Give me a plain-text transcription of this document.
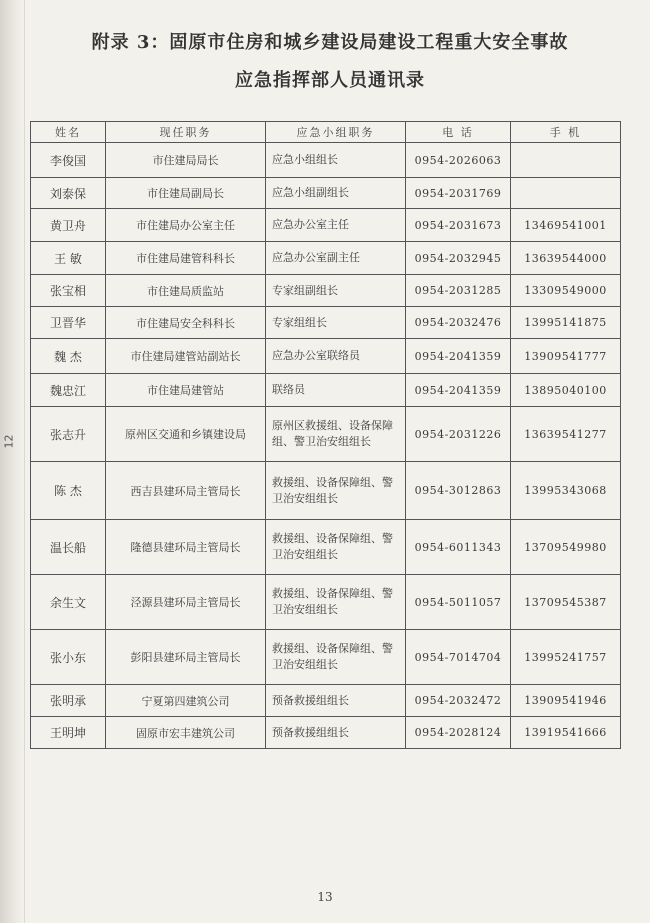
12
附录 3：固原市住房和城乡建设局建设工程重大安全事故
应急指挥部人员通讯录
姓名	现任职务	应急小组职务	电 话	手 机
李俊国	市住建局局长	应急小组组长	0954-2026063	
刘泰保	市住建局副局长	应急小组副组长	0954-2031769	
黄卫舟	市住建局办公室主任	应急办公室主任	0954-2031673	13469541001
王 敏	市住建局建管科科长	应急办公室副主任	0954-2032945	13639544000
张宝相	市住建局质监站	专家组副组长	0954-2031285	13309549000
卫晋华	市住建局安全科科长	专家组组长	0954-2032476	13995141875
魏 杰	市住建局建管站副站长	应急办公室联络员	0954-2041359	13909541777
魏忠江	市住建局建管站	联络员	0954-2041359	13895040100
张志升	原州区交通和乡镇建设局	原州区救援组、设备保障组、警卫治安组组长	0954-2031226	13639541277
陈 杰	西吉县建环局主管局长	救援组、设备保障组、警卫治安组组长	0954-3012863	13995343068
温长船	隆德县建环局主管局长	救援组、设备保障组、警卫治安组组长	0954-6011343	13709549980
余生文	泾源县建环局主管局长	救援组、设备保障组、警卫治安组组长	0954-5011057	13709545387
张小东	彭阳县建环局主管局长	救援组、设备保障组、警卫治安组组长	0954-7014704	13995241757
张明承	宁夏第四建筑公司	预备救援组组长	0954-2032472	13909541946
王明坤	固原市宏丰建筑公司	预备救援组组长	0954-2028124	13919541666
13
